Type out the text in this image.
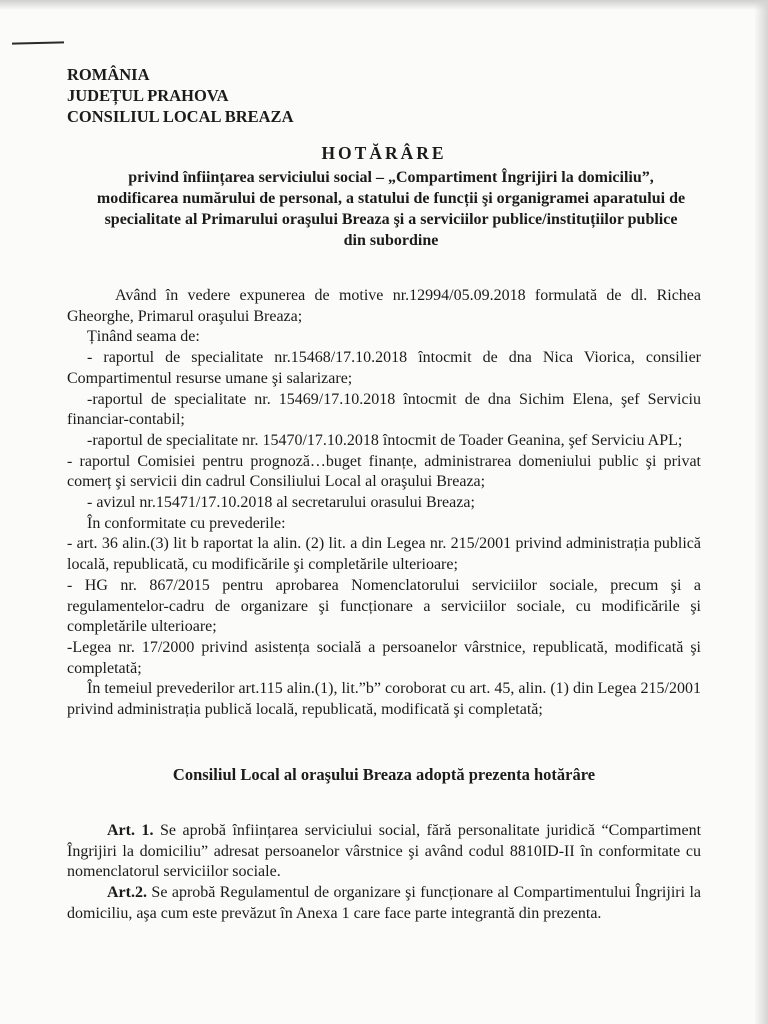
ROMÂNIA
JUDEȚUL PRAHOVA
CONSILIUL LOCAL BREAZA
HOTĂRÂRE
privind înființarea serviciului social – „Compartiment Îngrijiri la domiciliu”, modificarea numărului de personal, a statului de funcții şi organigramei aparatului de specialitate al Primarului oraşului Breaza şi a serviciilor publice/instituțiilor publice din subordine

Având în vedere expunerea de motive nr.12994/05.09.2018 formulată de dl. Richea Gheorghe, Primarul oraşului Breaza;

Ținând seama de:

- raportul de specialitate nr.15468/17.10.2018 întocmit de dna Nica Viorica, consilier Compartimentul resurse umane şi salarizare;

-raportul de specialitate nr. 15469/17.10.2018 întocmit de dna Sichim Elena, şef Serviciu financiar-contabil;

-raportul de specialitate nr. 15470/17.10.2018 întocmit de Toader Geanina, şef Serviciu APL;

- raportul Comisiei pentru prognoză…buget finanțe, administrarea domeniului public şi privat comerț şi servicii din cadrul Consiliului Local al oraşului Breaza;

- avizul nr.15471/17.10.2018 al secretarului orasului Breaza;

În conformitate cu prevederile:

- art. 36 alin.(3) lit b raportat la alin. (2) lit. a din Legea nr. 215/2001 privind administrația publică locală, republicată, cu modificările şi completările ulterioare;

- HG nr. 867/2015 pentru aprobarea Nomenclatorului serviciilor sociale, precum şi a regulamentelor-cadru de organizare şi funcționare a serviciilor sociale, cu modificările şi completările ulterioare;

-Legea nr. 17/2000 privind asistența socială a persoanelor vârstnice, republicată, modificată şi completată;

În temeiul prevederilor art.115 alin.(1), lit.”b” coroborat cu art. 45, alin. (1) din Legea 215/2001 privind administrația publică locală, republicată, modificată şi completată;

Consiliul Local al oraşului Breaza adoptă prezenta hotărâre

Art. 1. Se aprobă înființarea serviciului social, fără personalitate juridică “Compartiment Îngrijiri la domiciliu” adresat persoanelor vârstnice şi având codul 8810ID-II în conformitate cu nomenclatorul serviciilor sociale.

Art.2. Se aprobă Regulamentul de organizare şi funcționare al Compartimentului Îngrijiri la domiciliu, aşa cum este prevăzut în Anexa 1 care face parte integrantă din prezenta.
